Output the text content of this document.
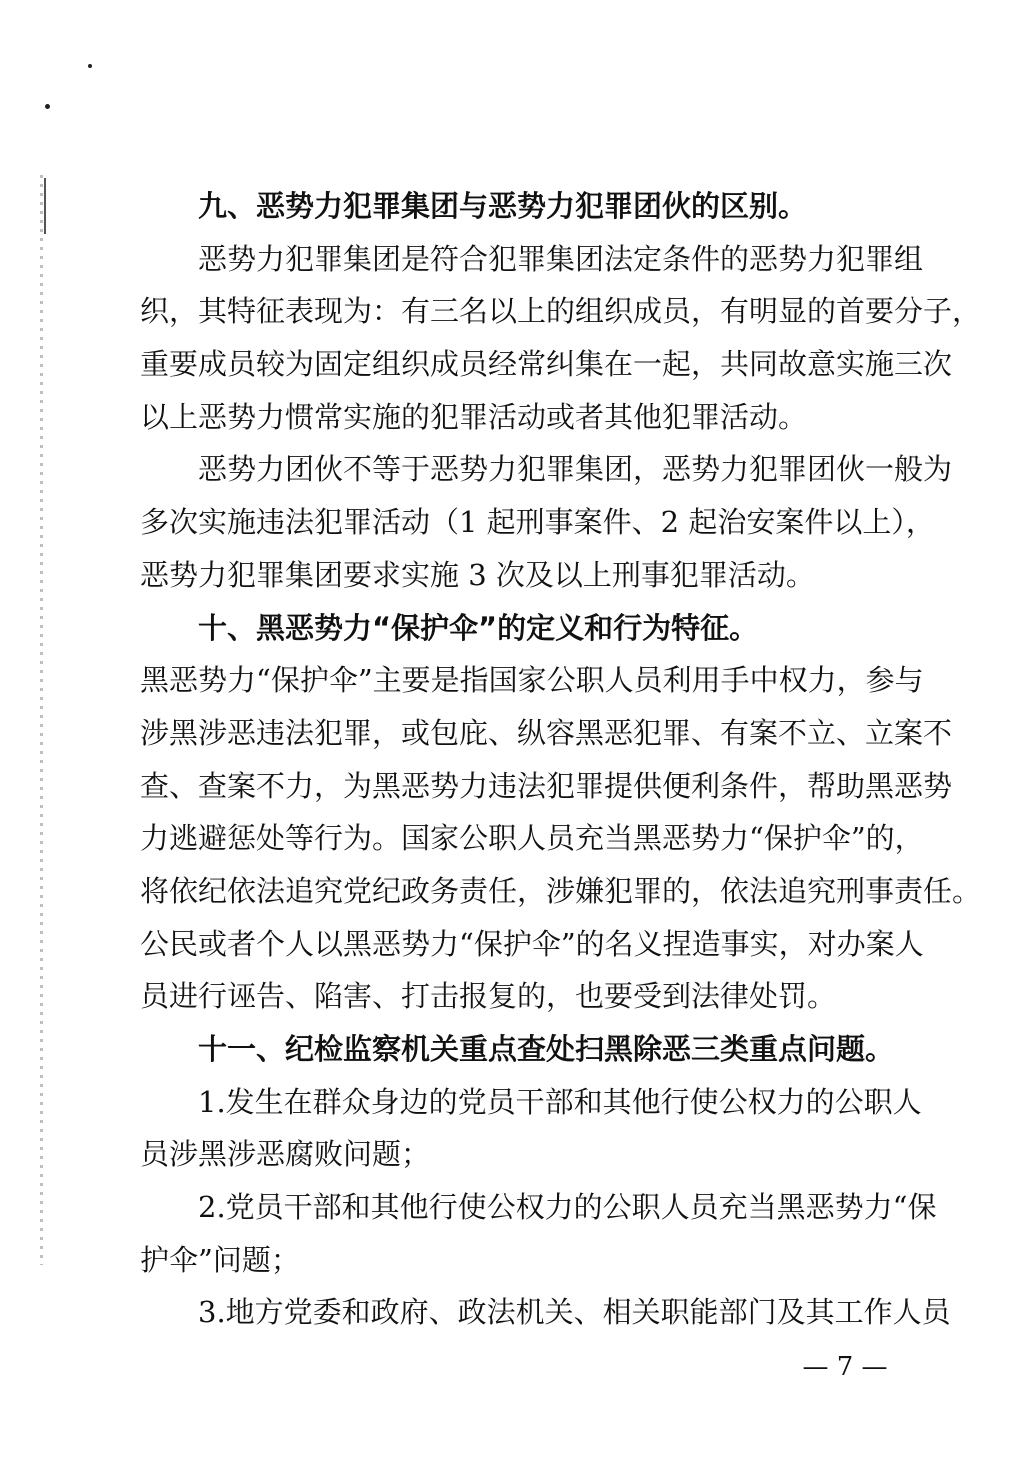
九、恶势力犯罪集团与恶势力犯罪团伙的区别。
恶势力犯罪集团是符合犯罪集团法定条件的恶势力犯罪组
织，其特征表现为：有三名以上的组织成员，有明显的首要分子，
重要成员较为固定组织成员经常纠集在一起，共同故意实施三次
以上恶势力惯常实施的犯罪活动或者其他犯罪活动。
恶势力团伙不等于恶势力犯罪集团，恶势力犯罪团伙一般为
多次实施违法犯罪活动（1 起刑事案件、2 起治安案件以上），
恶势力犯罪集团要求实施 3 次及以上刑事犯罪活动。
十、黑恶势力“保护伞”的定义和行为特征。
黑恶势力“保护伞”主要是指国家公职人员利用手中权力，参与
涉黑涉恶违法犯罪，或包庇、纵容黑恶犯罪、有案不立、立案不
查、查案不力，为黑恶势力违法犯罪提供便利条件，帮助黑恶势
力逃避惩处等行为。国家公职人员充当黑恶势力“保护伞”的，
将依纪依法追究党纪政务责任，涉嫌犯罪的，依法追究刑事责任。
公民或者个人以黑恶势力“保护伞”的名义捏造事实，对办案人
员进行诬告、陷害、打击报复的，也要受到法律处罚。
十一、纪检监察机关重点查处扫黑除恶三类重点问题。
1.发生在群众身边的党员干部和其他行使公权力的公职人
员涉黑涉恶腐败问题；
2.党员干部和其他行使公权力的公职人员充当黑恶势力“保
护伞”问题；
3.地方党委和政府、政法机关、相关职能部门及其工作人员
— 7 —
